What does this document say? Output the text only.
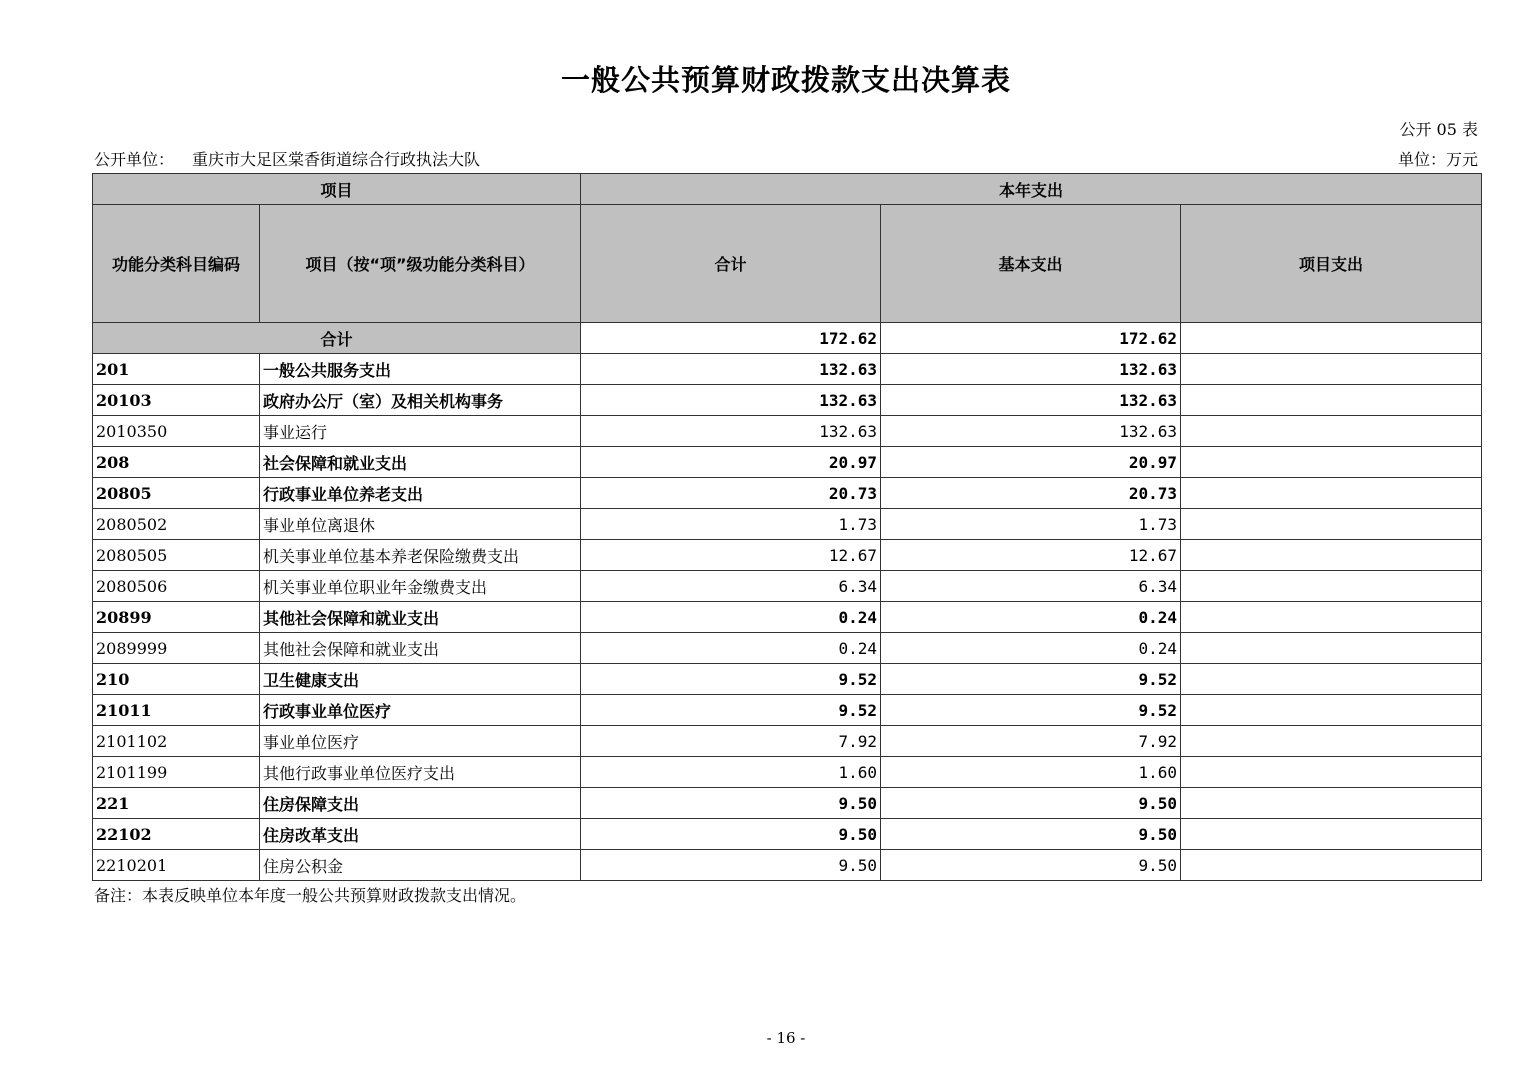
一般公共预算财政拨款支出决算表
公开 05 表
公开单位： 重庆市大足区棠香街道综合行政执法大队	单位：万元
项目		本年支出		
功能分类科目编码	项目（按“项”级功能分类科目）	合计	基本支出	项目支出
合计		172.62	172.62	
201	一般公共服务支出	132.63	132.63	
20103	政府办公厅（室）及相关机构事务	132.63	132.63	
2010350	事业运行	132.63	132.63	
208	社会保障和就业支出	20.97	20.97	
20805	行政事业单位养老支出	20.73	20.73	
2080502	事业单位离退休	1.73	1.73	
2080505	机关事业单位基本养老保险缴费支出	12.67	12.67	
2080506	机关事业单位职业年金缴费支出	6.34	6.34	
20899	其他社会保障和就业支出	0.24	0.24	
2089999	其他社会保障和就业支出	0.24	0.24	
210	卫生健康支出	9.52	9.52	
21011	行政事业单位医疗	9.52	9.52	
2101102	事业单位医疗	7.92	7.92	
2101199	其他行政事业单位医疗支出	1.60	1.60	
221	住房保障支出	9.50	9.50	
22102	住房改革支出	9.50	9.50	
2210201	住房公积金	9.50	9.50	
备注：本表反映单位本年度一般公共预算财政拨款支出情况。
- 16 -
